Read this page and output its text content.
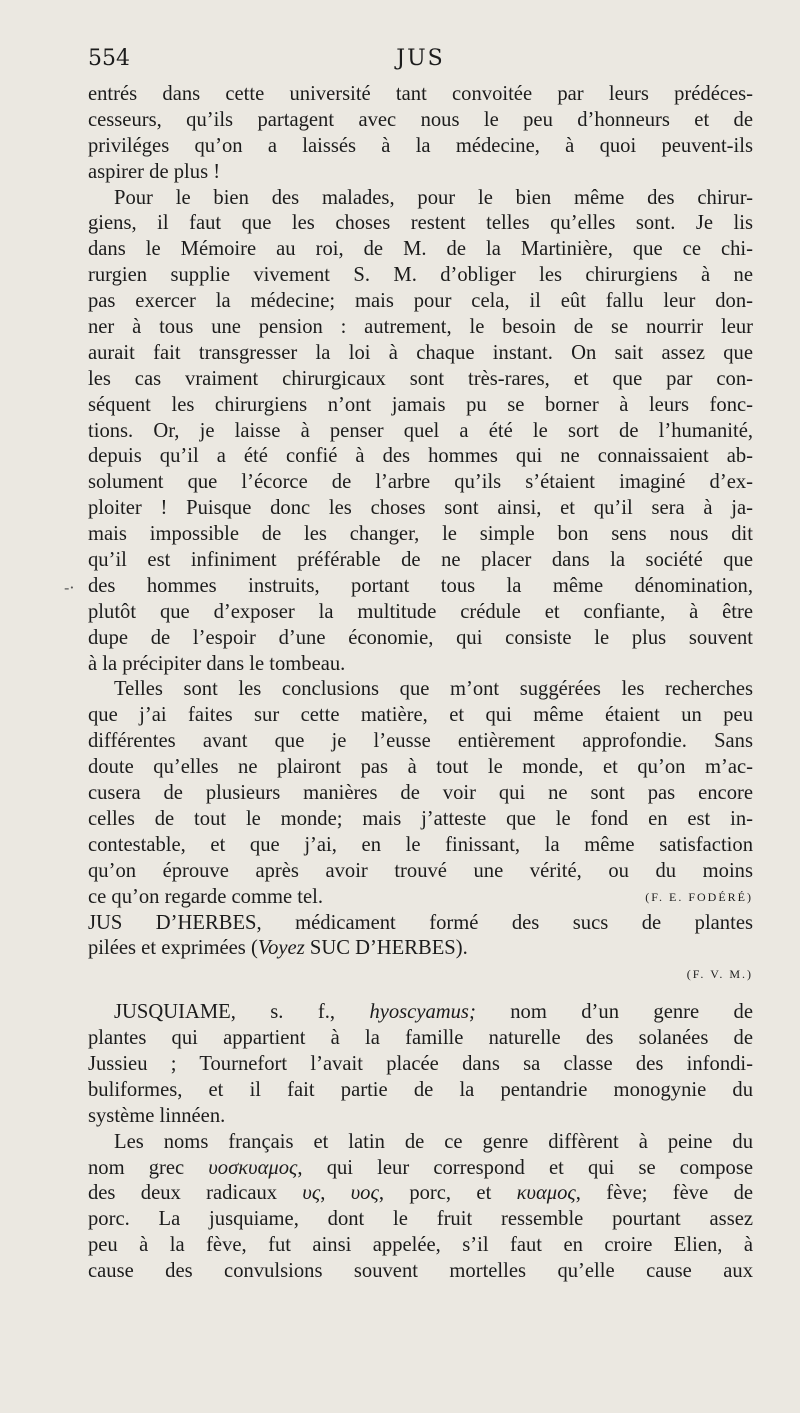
554	JUS
-·
entrés dans cette université tant convoitée par leurs prédéces-
cesseurs, qu’ils partagent avec nous le peu d’honneurs et de
priviléges qu’on a laissés à la médecine, à quoi peuvent-ils
aspirer de plus !
Pour le bien des malades, pour le bien même des chirur-
giens, il faut que les choses restent telles qu’elles sont. Je lis
dans le Mémoire au roi, de M. de la Martinière, que ce chi-
rurgien supplie vivement S. M. d’obliger les chirurgiens à ne
pas exercer la médecine; mais pour cela, il eût fallu leur don-
ner à tous une pension : autrement, le besoin de se nourrir leur
aurait fait transgresser la loi à chaque instant. On sait assez que
les cas vraiment chirurgicaux sont très-rares, et que par con-
séquent les chirurgiens n’ont jamais pu se borner à leurs fonc-
tions. Or, je laisse à penser quel a été le sort de l’humanité,
depuis qu’il a été confié à des hommes qui ne connaissaient ab-
solument que l’écorce de l’arbre qu’ils s’étaient imaginé d’ex-
ploiter ! Puisque donc les choses sont ainsi, et qu’il sera à ja-
mais impossible de les changer, le simple bon sens nous dit
qu’il est infiniment préférable de ne placer dans la société que
des hommes instruits, portant tous la même dénomination,
plutôt que d’exposer la multitude crédule et confiante, à être
dupe de l’espoir d’une économie, qui consiste le plus souvent
à la précipiter dans le tombeau.
Telles sont les conclusions que m’ont suggérées les recherches
que j’ai faites sur cette matière, et qui même étaient un peu
différentes avant que je l’eusse entièrement approfondie. Sans
doute qu’elles ne plairont pas à tout le monde, et qu’on m’ac-
cusera de plusieurs manières de voir qui ne sont pas encore
celles de tout le monde; mais j’atteste que le fond en est in-
contestable, et que j’ai, en le finissant, la même satisfaction
qu’on éprouve après avoir trouvé une vérité, ou du moins
ce qu’on regarde comme tel.	(F. E. FODÉRÉ)
JUS D’HERBES, médicament formé des sucs de plantes
pilées et exprimées (Voyez SUC D’HERBES).
(F. V. M.)
JUSQUIAME, s. f., hyoscyamus; nom d’un genre de
plantes qui appartient à la famille naturelle des solanées de
Jussieu ; Tournefort l’avait placée dans sa classe des infondi-
buliformes, et il fait partie de la pentandrie monogynie du
système linnéen.
Les noms français et latin de ce genre diffèrent à peine du
nom grec υοσκυαμος, qui leur correspond et qui se compose
des deux radicaux υς, υος, porc, et κυαμος, fève; fève de
porc. La jusquiame, dont le fruit ressemble pourtant assez
peu à la fève, fut ainsi appelée, s’il faut en croire Elien, à
cause des convulsions souvent mortelles qu’elle cause aux
